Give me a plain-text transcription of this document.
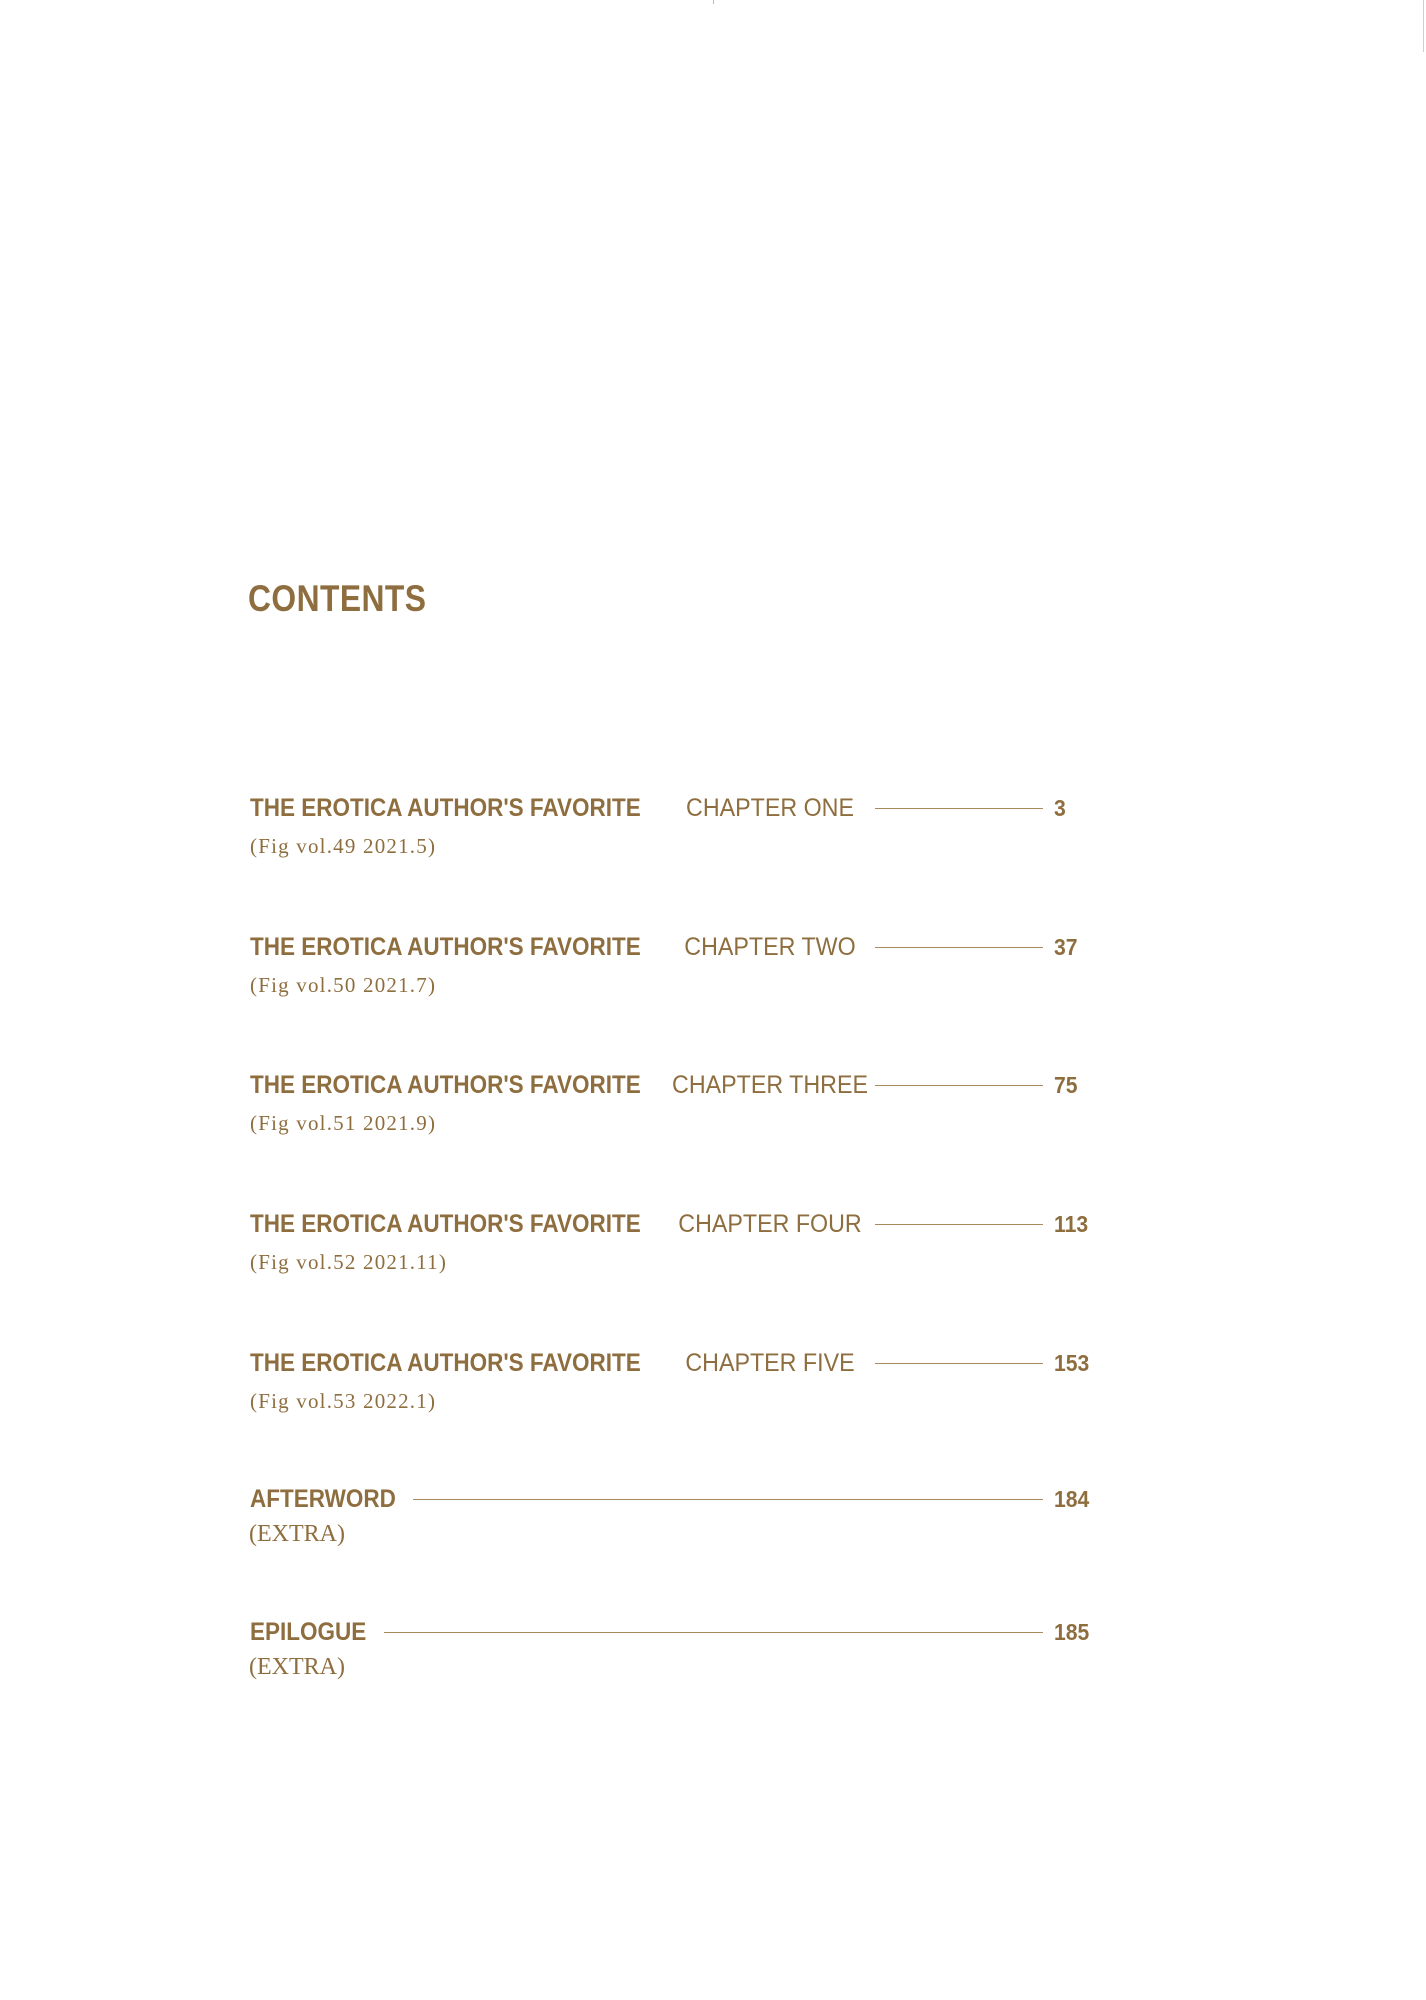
CONTENTS
THE EROTICA AUTHOR'S FAVORITE	CHAPTER ONE	3
(Fig vol.49 2021.5)
THE EROTICA AUTHOR'S FAVORITE	CHAPTER TWO	37
(Fig vol.50 2021.7)
THE EROTICA AUTHOR'S FAVORITE	CHAPTER THREE	75
(Fig vol.51 2021.9)
THE EROTICA AUTHOR'S FAVORITE	CHAPTER FOUR	113
(Fig vol.52 2021.11)
THE EROTICA AUTHOR'S FAVORITE	CHAPTER FIVE	153
(Fig vol.53 2022.1)
AFTERWORD	184
(EXTRA)
EPILOGUE	185
(EXTRA)
